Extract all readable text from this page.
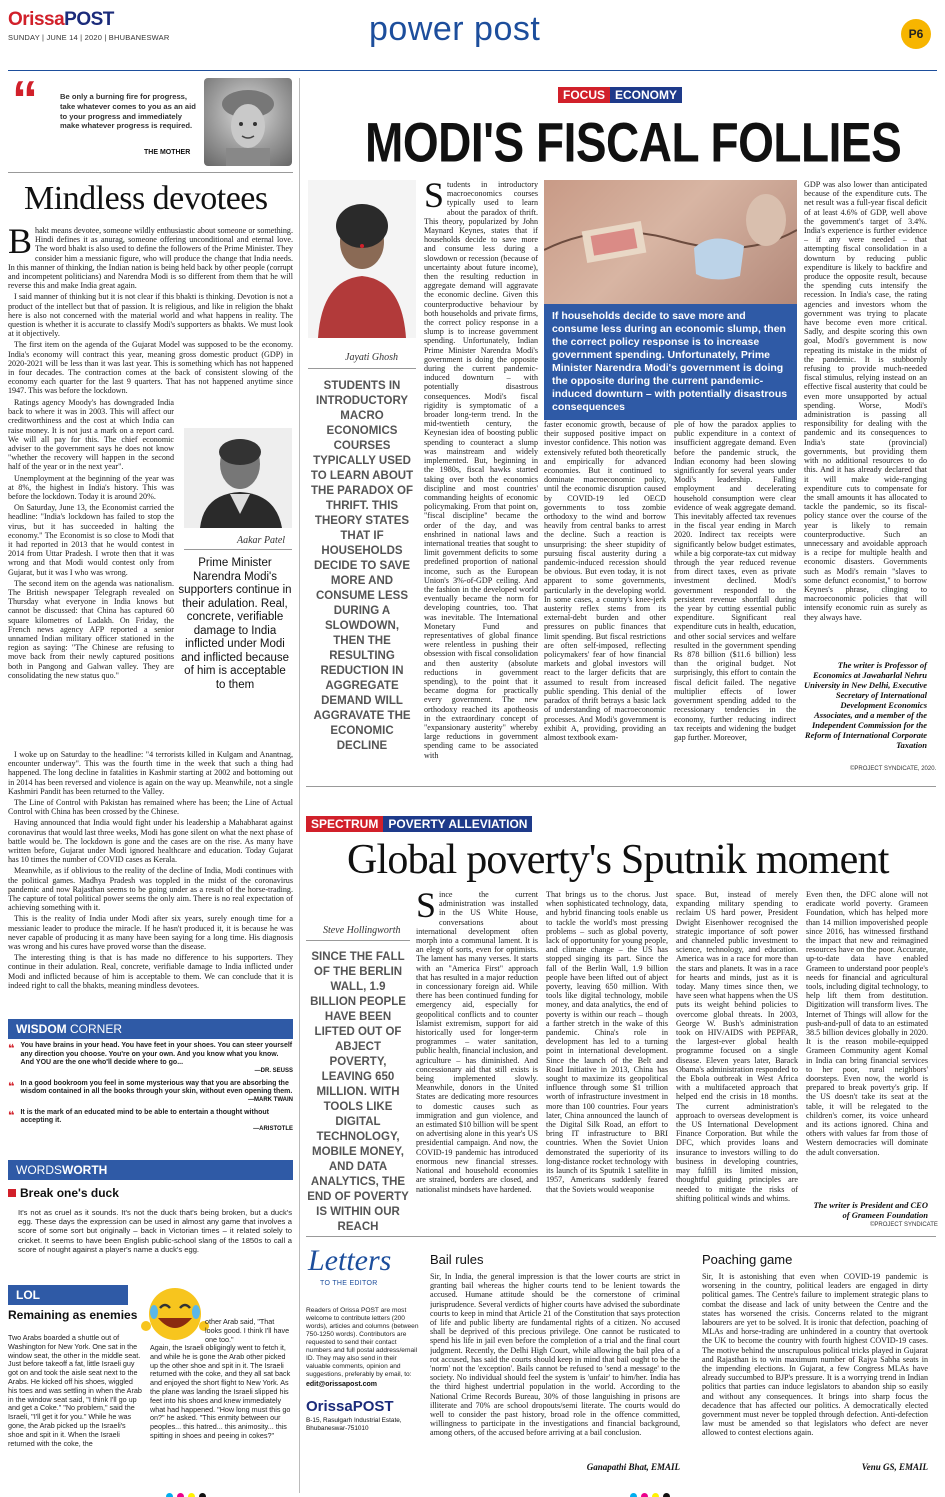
OrissaPOST
SUNDAY | JUNE 14 | 2020 | BHUBANESWAR	power post	P6
“	Be only a burning fire for progress, take whatever comes to you as an aid to your progress and immediately make whatever progress is required.
THE MOTHER
Mindless devotees
B hakt means devotee, someone wildly enthusiastic about someone or something. Hindi defines it as anurag, someone offering unconditional and eternal love. The word bhakt is also used to define the followers of the Prime Minister. They consider him a messianic figure, who will produce the change that India needs. In this manner of thinking, the Indian nation is being held back by other people (corrupt and incompetent politicians) and Narendra Modi is so different from them that he will reverse this and make India great again.

I said manner of thinking but it is not clear if this bhakti is thinking. Devotion is not a product of the intellect but that of passion. It is religious, and like in religion the bhakt here is also not concerned with the material world and what happens in reality. The question is whether it is accurate to classify Modi's supporters as bhakts. We must look at it objectively.

The first item on the agenda of the Gujarat Model was supposed to be the economy. India's economy will contract this year, meaning gross domestic product (GDP) in 2020-2021 will be less than it was last year. This is something which has not happened in four decades. The contraction comes at the back of consistent slowing of the economy each quarter for the last 9 quarters. That has not happened anytime since 1947. This was before the lockdown.

Ratings agency Moody's has downgraded India back to where it was in 2003. This will affect our creditworthiness and the cost at which India can raise money. It is not just a mark on a report card. We will all pay for this. The chief economic adviser to the government says he does not know "whether the recovery will happen in the second half of the year or in the next year".

Unemployment at the beginning of the year was at 8%, the highest in India's history. This was before the lockdown. Today it is around 20%.

On Saturday, June 13, the Economist carried the headline: "India's lockdown has failed to stop the virus, but it has succeeded in halting the economy." The Economist is so close to Modi that it had reported in 2013 that he would contest in 2014 from Uttar Pradesh. I wrote then that it was wrong and that Modi would contest only from Gujarat, but it was I who was wrong.

The second item on the agenda was nationalism. The British newspaper Telegraph revealed on Thursday what everyone in India knows but cannot be discussed: that China has captured 60 square kilometres of Ladakh. On Friday, the French news agency AFP reported a senior unnamed Indian military officer stationed in the region as saying: "The Chinese are refusing to move back from their newly captured positions both in Pangong and Galwan valley. They are consolidating the new status quo."

Aakar Patel
Prime Minister Narendra Modi's supporters continue in their adulation. Real, concrete, verifiable damage to India inflicted under Modi and inflicted because of him is acceptable to them

I woke up on Saturday to the headline: "4 terrorists killed in Kulgam and Anantnag, encounter underway". This was the fourth time in the week that such a thing had happened. The long decline in fatalities in Kashmir starting at 2002 and bottoming out in 2014 has been reversed and violence is again on the way up. Meanwhile, not a single Kashmiri Pandit has been returned to the Valley.

The Line of Control with Pakistan has remained where has been; the Line of Actual Control with China has been crossed by the Chinese.

Having announced that India would fight under his leadership a Mahabharat against coronavirus that would last three weeks, Modi has gone silent on what the next phase of battle would be. The lockdown is gone and the cases are on the rise. As many have written before, Gujarat under Modi ignored healthcare and education. Today Gujarat has 10 times the number of COVID cases as Kerala.

Meanwhile, as if oblivious to the reality of the decline of India, Modi continues with the political games. Madhya Pradesh was toppled in the midst of the coronavirus pandemic and now Rajasthan seems to be going under as a result of the horse-trading. The capture of total political power seems the only aim. There is no real expectation of achieving something with it.

This is the reality of India under Modi after six years, surely enough time for a messianic leader to produce the miracle. If he hasn't produced it, it is because he was never capable of producing it as many have been saying for a long time. His diagnosis was wrong and his cures have proved worse than the disease.

The interesting thing is that is has made no difference to his supporters. They continue in their adulation. Real, concrete, verifiable damage to India inflicted under Modi and inflicted because of him is acceptable to them. We can conclude that it is indeed right to call the bhakts, meaning mindless devotees.

WISDOM CORNER
❝ You have brains in your head. You have feet in your shoes. You can steer yourself any direction you choose. You're on your own. And you know what you know. And YOU are the one who'll decide where to go...
—DR. SEUSS
❝ In a good bookroom you feel in some mysterious way that you are absorbing the wisdom contained in all the books through your skin, without even opening them.
—MARK TWAIN
❝ It is the mark of an educated mind to be able to entertain a thought without accepting it.
—ARISTOTLE
WORDSWORTH
Break one's duck
It's not as cruel as it sounds. It's not the duck that's being broken, but a duck's egg. These days the expression can be used in almost any game that involves a score of some sort but originally – back in Victorian times – it related solely to cricket. It seems to have been English public-school slang of the 1850s to call a score of nought against a player's name a duck's egg.
LOL
Remaining as enemies
Two Arabs boarded a shuttle out of Washington for New York. One sat in the window seat, the other in the middle seat. Just before takeoff a fat, little Israeli guy got on and took the aisle seat next to the Arabs. He kicked off his shoes, wiggled his toes and was settling in when the Arab in the window seat said, "I think I'll go up and get a Coke." "No problem," said the Israeli, "I'll get it for you." While he was gone, the Arab picked up the Israeli's shoe and spit in it. When the Israeli returned with the coke, the
other Arab said, "That looks good. I think I'll have one too."
Again, the Israeli obligingly went to fetch it, and while he is gone the Arab other picked up the other shoe and spit in it. The Israeli returned with the coke, and they all sat back and enjoyed the short flight to New York. As the plane was landing the Israeli slipped his feet into his shoes and knew immediately what had happened. "How long must this go on?" he asked. "This enmity between our peoples... this hatred... this animosity... this spitting in shoes and peeing in cokes?"
FOCUS ECONOMY
MODI'S FISCAL FOLLIES
Jayati Ghosh
STUDENTS IN INTRODUCTORY MACRO ECONOMICS COURSES TYPICALLY USED TO LEARN ABOUT THE PARADOX OF THRIFT. THIS THEORY STATES THAT IF HOUSEHOLDS DECIDE TO SAVE MORE AND CONSUME LESS DURING A SLOWDOWN, THEN THE RESULTING REDUCTION IN AGGREGATE DEMAND WILL AGGRAVATE THE ECONOMIC DECLINE
S tudents in introductory macroeconomics courses typically used to learn about the paradox of thrift. This theory, popularized by John Maynard Keynes, states that if households decide to save more and consume less during a slowdown or recession (because of uncertainty about future income), then the resulting reduction in aggregate demand will aggravate the economic decline. Given this counterproductive behaviour by both households and private firms, the correct policy response in a slump is to increase government spending. Unfortunately, Indian Prime Minister Narendra Modi's government is doing the opposite during the current pandemic-induced downturn – with potentially disastrous consequences. Modi's fiscal rigidity is symptomatic of a broader long-term trend. In the mid-twentieth century, the Keynesian idea of boosting public spending to counteract a slump was mainstream and widely implemented. But, beginning in the 1980s, fiscal hawks started taking over both the economics discipline and most countries' commanding heights of economic policymaking. From that point on, "fiscal discipline" became the order of the day, and was enshrined in national laws and international treaties that sought to limit government deficits to some predefined proportion of national income, such as the European Union's 3%-of-GDP ceiling. And the fashion in the developed world eventually became the norm for developing countries, too. That was inevitable. The International Monetary Fund and representatives of global finance were relentless in pushing their obsession with fiscal consolidation and then austerity (absolute reductions in government spending), to the point that it became dogma for practically every government. The new orthodoxy reached its apotheosis in the extraordinary concept of "expansionary austerity" whereby large reductions in government spending came to be associated with
If households decide to save more and consume less during an economic slump, then the correct policy response is to increase government spending. Unfortunately, Prime Minister Narendra Modi's government is doing the opposite during the current pandemic-induced downturn – with potentially disastrous consequences
faster economic growth, because of their supposed positive impact on investor confidence. This notion was extensively refuted both theoretically and empirically for advanced economies. But it continued to dominate macroeconomic policy, until the economic disruption caused by COVID-19 led OECD governments to toss zombie orthodoxy to the wind and borrow heavily from central banks to arrest the decline. Such a reaction is unsurprising: the sheer stupidity of pursuing fiscal austerity during a pandemic-induced recession should be obvious. But even today, it is not apparent to some governments, particularly in the developing world. In some cases, a country's knee-jerk austerity reflex stems from its external-debt burden and other pressures on public finances that limit spending. But fiscal restrictions are often self-imposed, reflecting policymakers' fear of how financial markets and global investors will react to the larger deficits that are assumed to result from increased public spending. This denial of the paradox of thrift betrays a basic lack of understanding of macroeconomic processes. And Modi's government is exhibit A, providing, providing an almost textbook exam-
ple of how the paradox applies to public expenditure in a context of insufficient aggregate demand. Even before the pandemic struck, the Indian economy had been slowing significantly for several years under Modi's leadership. Falling employment and decelerating household consumption were clear evidence of weak aggregate demand. This inevitably affected tax revenues in the fiscal year ending in March 2020. Indirect tax receipts were significantly below budget estimates, while a big corporate-tax cut midway through the year reduced revenue from direct taxes, even as private investment declined. Modi's government responded to the persistent revenue shortfall during the year by cutting essential public expenditure. Significant real expenditure cuts in health, education, and other social services and welfare resulted in the government spending Rs 878 billion ($11.6 billion) less than the original budget. Not surprisingly, this effort to contain the fiscal deficit failed. The negative multiplier effects of lower government spending added to the recessionary tendencies in the economy, further reducing indirect tax receipts and widening the budget gap further. Moreover,
GDP was also lower than anticipated because of the expenditure cuts. The net result was a full-year fiscal deficit of at least 4.6% of GDP, well above the government's target of 3.4%. India's experience is further evidence – if any were needed – that attempting fiscal consolidation in a downturn by reducing public expenditure is likely to backfire and produce the opposite result, because the spending cuts intensify the recession. In India's case, the rating agencies and investors whom the government was trying to placate have become even more critical. Sadly, and despite scoring this own goal, Modi's government is now repeating its mistake in the midst of the pandemic. It is stubbornly refusing to provide much-needed fiscal stimulus, relying instead on an effective fiscal austerity that could be even more unsupported by actual spending. Worse, Modi's administration is passing all responsibility for dealing with the pandemic and its consequences to India's state (provincial) governments, but providing them with no additional resources to do this. And it has already declared that it will make wide-ranging expenditure cuts to compensate for the small amounts it has allocated to tackle the pandemic, so its fiscal-policy stance over the course of the year is likely to remain counterproductive. Such an unnecessary and avoidable approach is a recipe for multiple health and economic disasters. Governments such as Modi's remain "slaves to some defunct economist," to borrow Keynes's phrase, clinging to macroeconomic policies that will intensify economic ruin as surely as they always have.
The writer is Professor of Economics at Jawaharlal Nehru University in New Delhi, Executive Secretary of International Development Economics Associates, and a member of the Independent Commission for the Reform of International Corporate Taxation
©PROJECT SYNDICATE, 2020.
SPECTRUM POVERTY ALLEVIATION
Global poverty's Sputnik moment
Steve Hollingworth
SINCE THE FALL OF THE BERLIN WALL, 1.9 BILLION PEOPLE HAVE BEEN LIFTED OUT OF ABJECT POVERTY, LEAVING 650 MILLION. WITH TOOLS LIKE DIGITAL TECHNOLOGY, MOBILE MONEY, AND DATA ANALYTICS, THE END OF POVERTY IS WITHIN OUR REACH
S ince the current administration was installed in the US White House, conversations about international development often morph into a communal lament. It is an elegy of sorts, even for optimists. The lament has many verses. It starts with an "America First" approach that has resulted in a major reduction in concessionary foreign aid. While there has been continued funding for emergency aid, especially for geopolitical conflicts and to counter Islamist extremism, support for aid historically used for longer-term programmes – water sanitation, public health, financial inclusion, and agriculture – has diminished. And concessionary aid that still exists is being implemented slowly. Meanwhile, donors in the United States are dedicating more resources to domestic causes such as immigration and gun violence, and an estimated $10 billion will be spent on advertising alone in this year's US presidential campaign. And now, the COVID-19 pandemic has introduced enormous new financial stresses. National and household economies are strained, borders are closed, and nationalist mindsets have hardened.
That brings us to the chorus. Just when sophisticated technology, data, and hybrid financing tools enable us to tackle the world's most pressing problems – such as global poverty, lack of opportunity for young people, and climate change – the US has stopped singing its part. Since the fall of the Berlin Wall, 1.9 billion people have been lifted out of abject poverty, leaving 650 million. With tools like digital technology, mobile money, and data analytics, the end of poverty is within our reach – though a farther stretch in the wake of this pandemic. China's role in development has led to a turning point in international development. Since the launch of the Belt and Road Initiative in 2013, China has sought to maximize its geopolitical influence through some $1 trillion worth of infrastructure investment in more than 100 countries. Four years later, China announced the launch of the Digital Silk Road, an effort to bring IT infrastructure to BRI countries. When the Soviet Union demonstrated the superiority of its long-distance rocket technology with its launch of its Sputnik 1 satellite in 1957, Americans suddenly feared that the Soviets would weaponise
space. But, instead of merely expanding military spending to reclaim US hard power, President Dwight Eisenhower recognised the strategic importance of soft power and channeled public investment to science, technology, and education. America was in a race for more than the stars and planets. It was in a race for hearts and minds, just as it is today. Many times since then, we have seen what happens when the US puts its weight behind policies to overcome global threats. In 2003, George W. Bush's administration took on HIV/AIDS with PEPFAR, the largest-ever global health programme focused on a single disease. Eleven years later, Barack Obama's administration responded to the Ebola outbreak in West Africa with a multifaceted approach that helped end the crisis in 18 months. The current administration's approach to overseas development is the US International Development Finance Corporation. But while the DFC, which provides loans and insurance to investors willing to do business in developing countries, may fulfill its limited mission, thoughtful guiding principles are needed to mitigate the risks of shifting political winds and whims.
Even then, the DFC alone will not eradicate world poverty. Grameen Foundation, which has helped more than 14 million impoverished people since 2016, has witnessed firsthand the impact that new and reimagined resources have on the poor. Accurate, up-to-date data have enabled Grameen to understand poor people's needs for financial and agricultural tools, including digital technology, to help lift them from destitution. Digitization will transform lives. The Internet of Things will allow for the push-and-pull of data to an estimated 38.5 billion devices globally in 2020. It is the reason mobile-equipped Grameen Community agent Komal in India can bring financial services to her poor, rural neighbors' doorsteps. Even now, the world is prepared to break poverty's grip. If the US doesn't take its seat at the table, it will be relegated to the children's corner, its voice unheard and its actions ignored. China and others with values far from those of Western democracies will dominate the adult conversation.
The writer is President and CEO of Grameen Foundation
©PROJECT SYNDICATE
Letters
TO THE EDITOR
Readers of Orissa POST are most welcome to contribute letters (200 words), articles and columns (between 750-1250 words). Contributors are requested to send their contact numbers and full postal address/email ID. They may also send in their valuable comments, opinion and suggestions, preferably by email, to:
edit@orissapost.com
OrissaPOST
B-15, Rasulgarh Industrial Estate, Bhubaneswar-751010
Bail rules
Sir, In India, the general impression is that the lower courts are strict in granting bail whereas the higher courts tend to be lenient towards the accused. Humane attitude should be the cornerstone of criminal jurisprudence. Several verdicts of higher courts have advised the subordinate courts to keep in mind that Article 21 of the Constitution that says protection of life and public liberty are fundamental rights of a citizen. No accused shall be deprived of this precious privilege. One cannot be rusticated to spend his life in jail even before the completion of a trial and the final court judgment. Recently, the Delhi High Court, while allowing the bail plea of a rot accused, has said the courts should keep in mind that bail ought to be the 'norm' not the 'exception'. Bails cannot be refused to 'send a message' to the society. No individual should feel the system is 'unfair' to him/her. India has the third highest undertrial population in the world. According to the National Crime Records Bureau, 30% of those languishing in prisons are illiterate and 70% are school dropouts/semi literate. The courts would do well to consider the past history, broad role in the offence committed, willingness to participate in the investigations and financial background, among others, of the accused before arriving at a bail conclusion.
Ganapathi Bhat, EMAIL
Poaching game
Sir, It is astonishing that even when COVID-19 pandemic is worsening in the country, political leaders are engaged in dirty political games. The Centre's failure to implement strategic plans to combat the disease and lack of unity between the Centre and the states has worsened the crisis. Concerns related to the migrant labourers are yet to be solved. It is ironic that defection, poaching of MLAs and horse-trading are unhindered in a country that overtook the UK to become the country with fourth highest COVID-19 cases. The motive behind the unscrupulous political tricks played in Gujarat and Rajasthan is to win maximum number of Rajya Sabha seats in the impending elections. In Gujarat, a few Congress MLAs have already succumbed to BJP's pressure. It is a worrying trend in Indian politics that parties can induce legislators to abandon ship so easily and without any consequences. It brings into sharp focus the decadence that has affected our politics. A democratically elected government must never be toppled through defection. Anti-defection law must be amended so that legislators who defect are never allowed to contest elections again.
Venu GS, EMAIL
